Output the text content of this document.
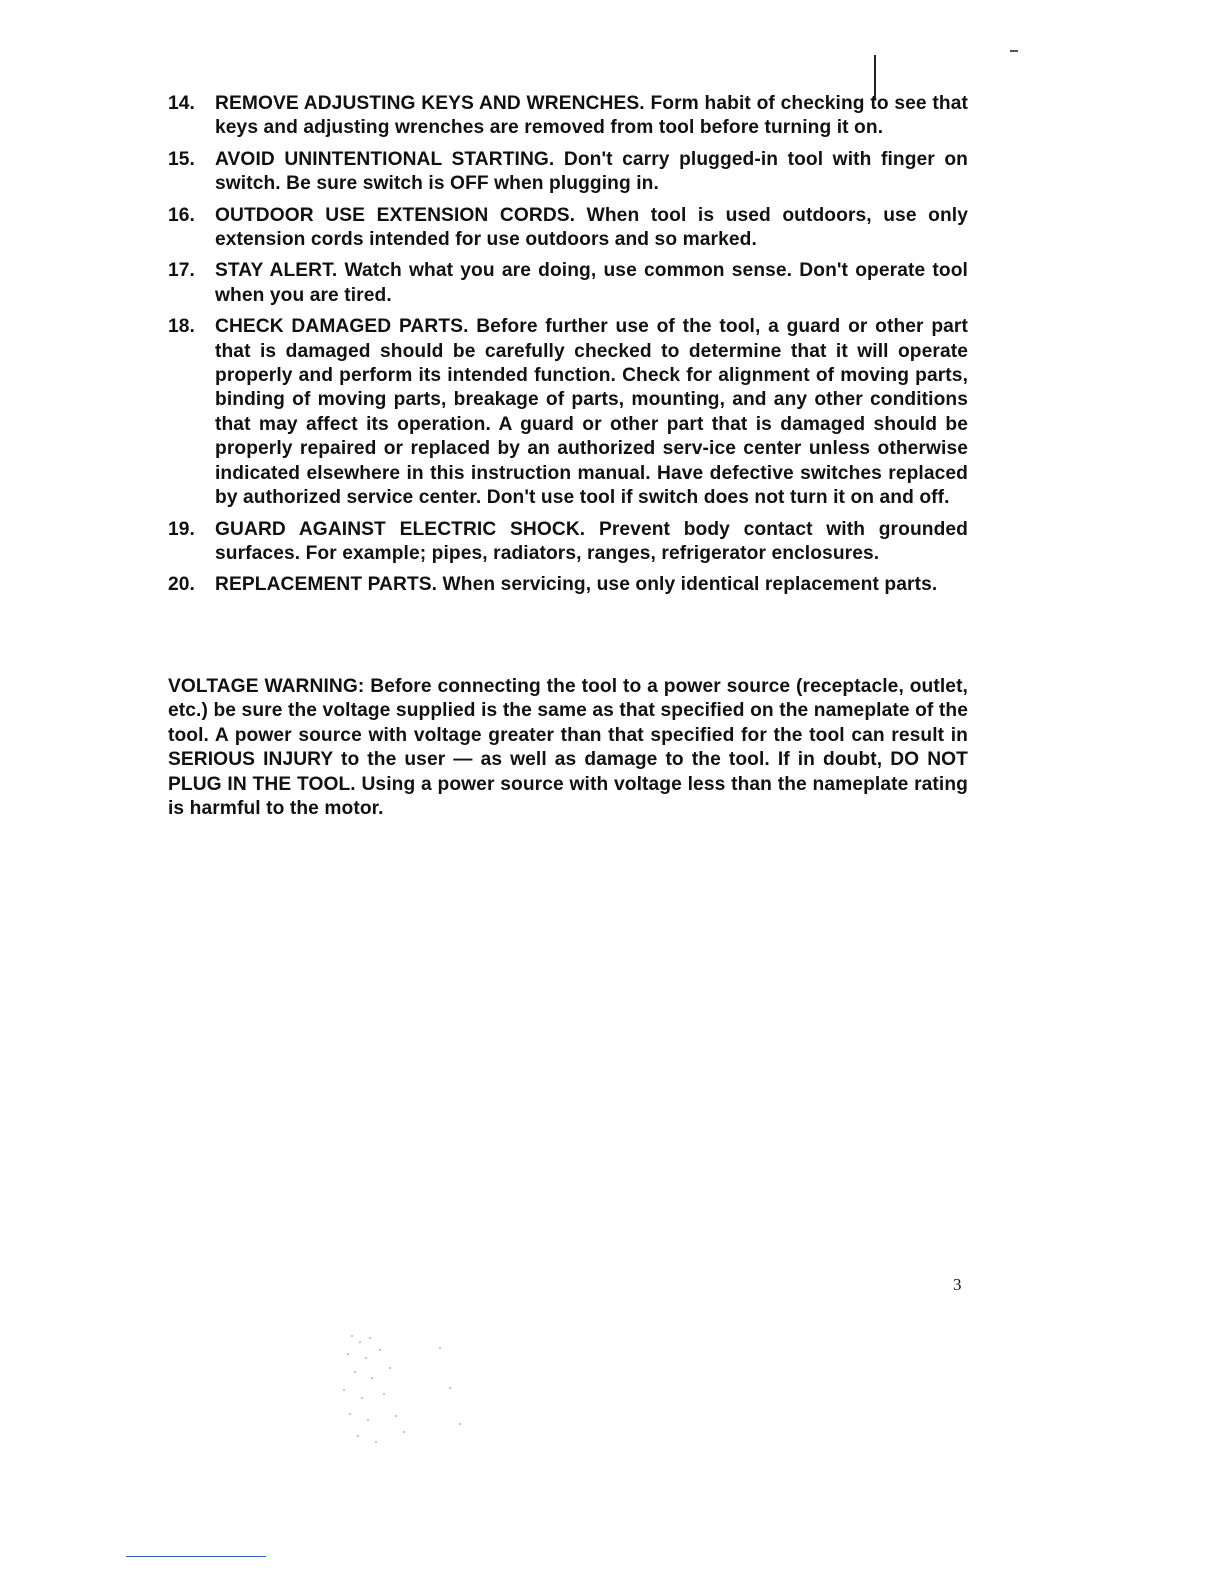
14.	REMOVE ADJUSTING KEYS AND WRENCHES. Form habit of checking to see that keys and adjusting wrenches are removed from tool before turning it on.
15.	AVOID UNINTENTIONAL STARTING. Don't carry plugged-in tool with finger on switch. Be sure switch is OFF when plugging in.
16.	OUTDOOR USE EXTENSION CORDS. When tool is used outdoors, use only extension cords intended for use outdoors and so marked.
17.	STAY ALERT. Watch what you are doing, use common sense. Don't operate tool when you are tired.
18.	CHECK DAMAGED PARTS. Before further use of the tool, a guard or other part that is damaged should be carefully checked to determine that it will operate properly and perform its intended function. Check for alignment of moving parts, binding of moving parts, breakage of parts, mounting, and any other conditions that may affect its operation. A guard or other part that is damaged should be properly repaired or replaced by an authorized serv-ice center unless otherwise indicated elsewhere in this instruction manual. Have defective switches replaced by authorized service center. Don't use tool if switch does not turn it on and off.
19.	GUARD AGAINST ELECTRIC SHOCK. Prevent body contact with grounded surfaces. For example; pipes, radiators, ranges, refrigerator enclosures.
20.	REPLACEMENT PARTS. When servicing, use only identical replacement parts.

VOLTAGE WARNING: Before connecting the tool to a power source (receptacle, outlet, etc.) be sure the voltage supplied is the same as that specified on the nameplate of the tool. A power source with voltage greater than that specified for the tool can result in SERIOUS INJURY to the user — as well as damage to the tool. If in doubt, DO NOT PLUG IN THE TOOL. Using a power source with voltage less than the nameplate rating is harmful to the motor.

3
